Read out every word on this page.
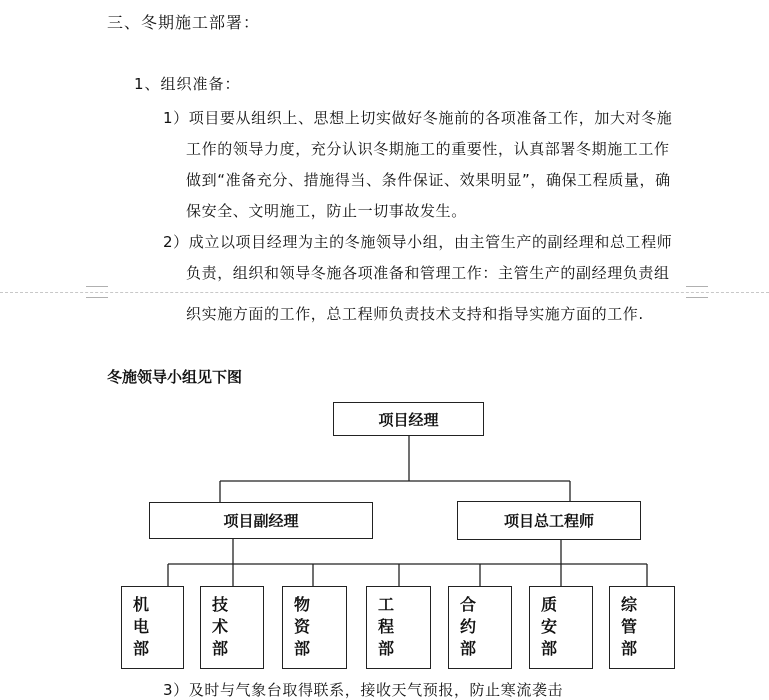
三、冬期施工部署：
1、组织准备：
1）项目要从组织上、思想上切实做好冬施前的各项准备工作，加大对冬施
工作的领导力度，充分认识冬期施工的重要性，认真部署冬期施工工作
做到“准备充分、措施得当、条件保证、效果明显”，确保工程质量，确
保安全、文明施工，防止一切事故发生。
2）成立以项目经理为主的冬施领导小组，由主管生产的副经理和总工程师
负责，组织和领导冬施各项准备和管理工作：主管生产的副经理负责组
织实施方面的工作，总工程师负责技术支持和指导实施方面的工作.
冬施领导小组见下图
项目经理
项目副经理	项目总工程师
机
电
部
技
术
部
物
资
部
工
程
部
合
约
部
质
安
部
综
管
部
3）及时与气象台取得联系，接收天气预报，防止寒流袭击
